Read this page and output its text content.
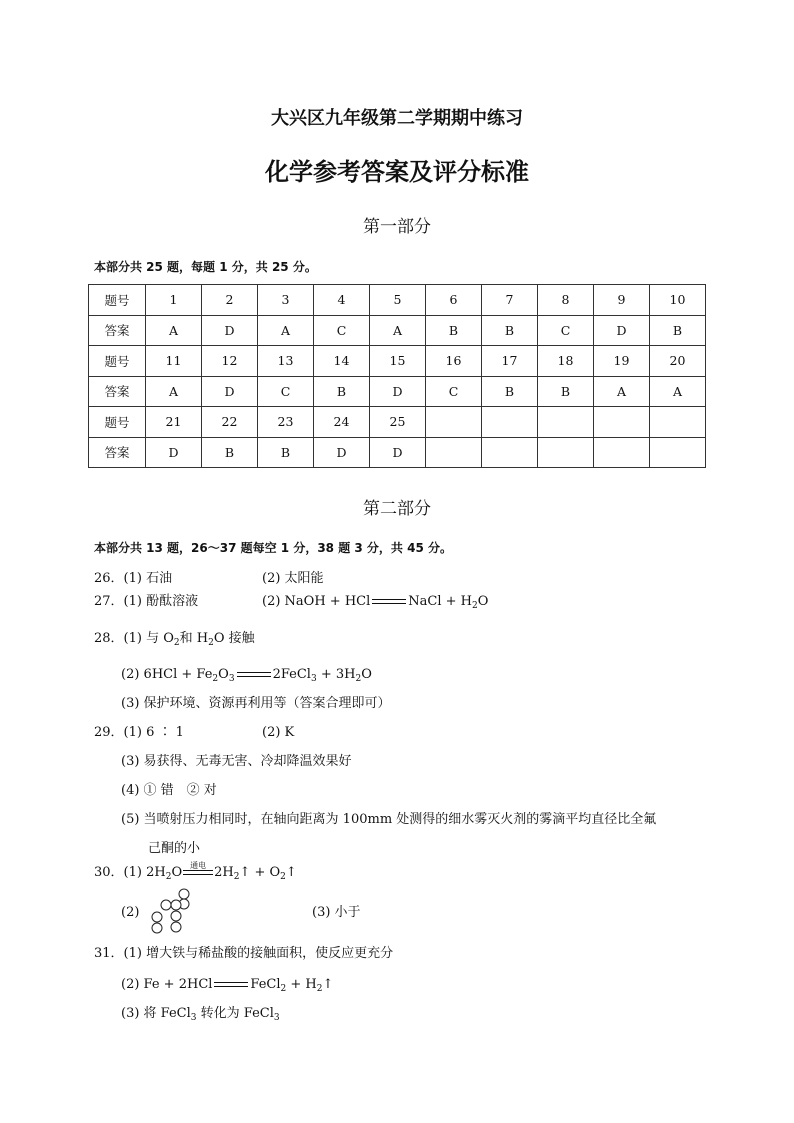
大兴区九年级第二学期期中练习
化学参考答案及评分标准
第一部分
本部分共 25 题，每题 1 分，共 25 分。
题号	1	2	3	4	5	6	7	8	9	10
答案	A	D	A	C	A	B	B	C	D	B
题号	11	12	13	14	15	16	17	18	19	20
答案	A	D	C	B	D	C	B	B	A	A
题号	21	22	23	24	25					
答案	D	B	B	D	D					
第二部分
本部分共 13 题，26～37 题每空 1 分，38 题 3 分，共 45 分。
26．(1) 石油	(2) 太阳能
27．(1) 酚酞溶液	(2) NaOH + HCl	NaCl + $H_2O$
28．(1) 与 $O_2$和 $H_2O$ 接触
(2) $6HCl + Fe_2O_3$	2FeCl$_3$ + $3H_2O$
(3) 保护环境、资源再利用等（答案合理即可）
29．(1) 6 ∶ 1	(2) K
(3) 易获得、无毒无害、冷却降温效果好
(4) ① 错　② 对
(5) 当喷射压力相同时，在轴向距离为 100mm 处测得的细水雾灭火剂的雾滴平均直径比全氟
己酮的小
30．(1) $2H_2O$	通电 $2H_2↑$ + $O_2↑$
(2)	(3) 小于
31．(1) 增大铁与稀盐酸的接触面积，使反应更充分
(2) Fe + 2HCl	FeCl$_2$ + $H_2↑$
(3) 将 FeCl$_3$ 转化为 FeCl$_3$
